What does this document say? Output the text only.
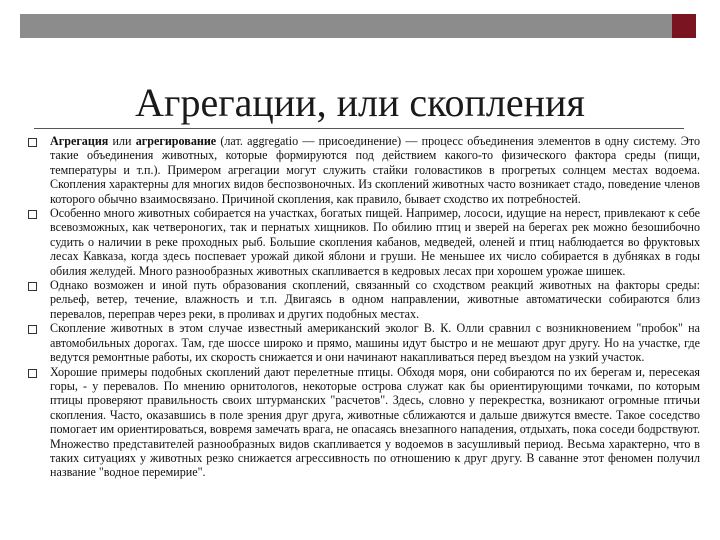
Агрегации, или скопления
Агрегация или агрегирование (лат. aggregatio — присоединение) — процесс объединения элементов в одну систему. Это такие объединения животных, которые формируются под действием какого-то физического фактора среды (пищи, температуры и т.п.). Примером агрегации могут служить стайки головастиков в прогретых солнцем местах водоема. Скопления характерны для многих видов беспозвоночных. Из скоплений животных часто возникает стадо, поведение членов которого обычно взаимосвязано. Причиной скопления, как правило, бывает сходство их потребностей.
Особенно много животных собирается на участках, богатых пищей. Например, лососи, идущие на нерест, привлекают к себе всевозможных, как четвероногих, так и пернатых хищников. По обилию птиц и зверей на берегах рек можно безошибочно судить о наличии в реке проходных рыб. Большие скопления кабанов, медведей, оленей и птиц наблюдается во фруктовых лесах Кавказа, когда здесь поспевает урожай дикой яблони и груши. Не меньшее их число собирается в дубняках в годы обилия желудей. Много разнообразных животных скапливается в кедровых лесах при хорошем урожае шишек.
Однако возможен и иной путь образования скоплений, связанный со сходством реакций животных на факторы среды: рельеф, ветер, течение, влажность и т.п. Двигаясь в одном направлении, животные автоматически собираются близ перевалов, переправ через реки, в проливах и других подобных местах.
Скопление животных в этом случае известный американский эколог В. К. Олли сравнил с возникновением "пробок" на автомобильных дорогах. Там, где шоссе широко и прямо, машины идут быстро и не мешают друг другу. Но на участке, где ведутся ремонтные работы, их скорость снижается и они начинают накапливаться перед въездом на узкий участок.
Хорошие примеры подобных скоплений дают перелетные птицы. Обходя моря, они собираются по их берегам и, пересекая горы, - у перевалов. По мнению орнитологов, некоторые острова служат как бы ориентирующими точками, по которым птицы проверяют правильность своих штурманских "расчетов". Здесь, словно у перекрестка, возникают огромные птичьи скопления. Часто, оказавшись в поле зрения друг друга, животные сближаются и дальше движутся вместе. Такое соседство помогает им ориентироваться, вовремя замечать врага, не опасаясь внезапного нападения, отдыхать, пока соседи бодрствуют. Множество представителей разнообразных видов скапливается у водоемов в засушливый период. Весьма характерно, что в таких ситуациях у животных резко снижается агрессивность по отношению к друг другу. В саванне этот феномен получил название "водное перемирие".
